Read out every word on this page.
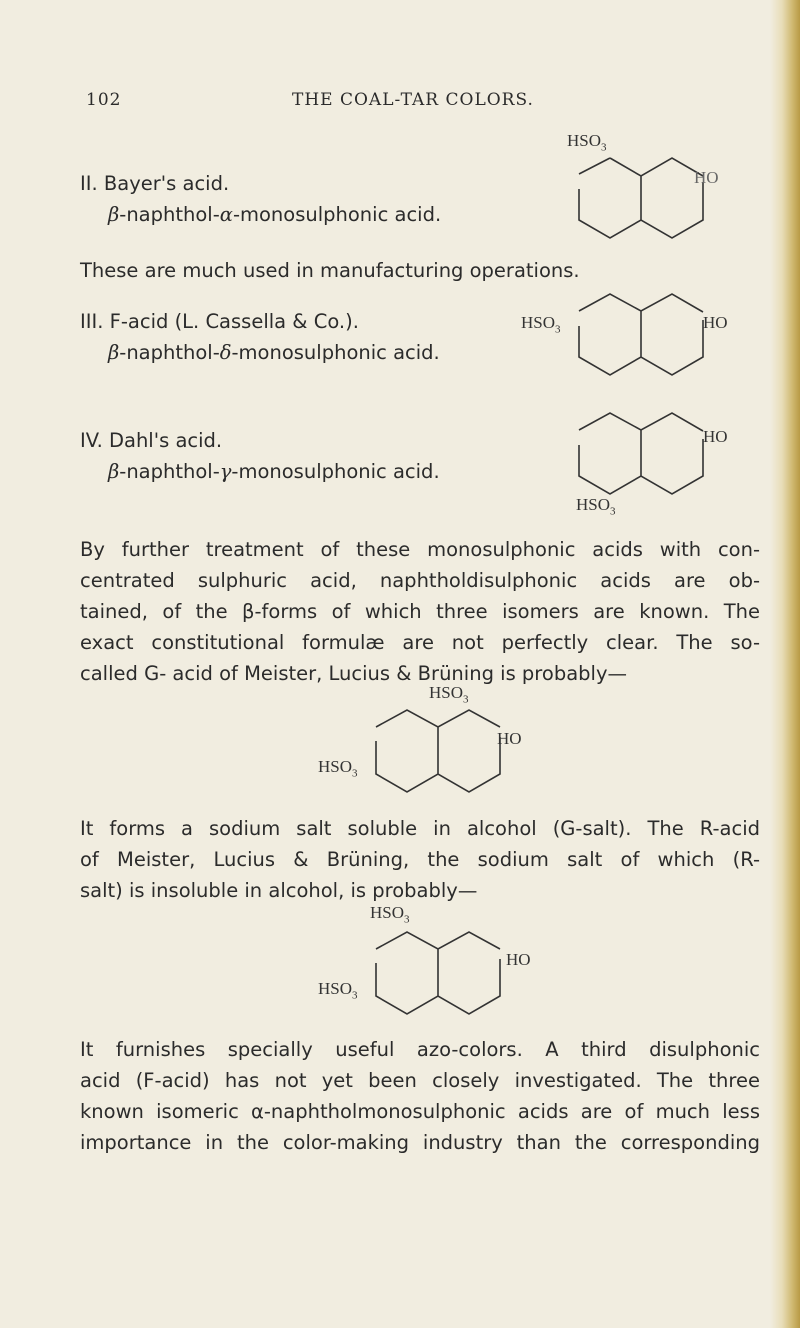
102	THE COAL-TAR COLORS.
II. Bayer's acid.
β-naphthol-α-monosulphonic acid.
$HSO_3$
HO
These are much used in manufacturing operations.
III. F-acid (L. Cassella & Co.).
β-naphthol-δ-monosulphonic acid.
$HSO_3$	HO
IV. Dahl's acid.
β-naphthol-γ-monosulphonic acid.
HO
$HSO_3$
By further treatment of these monosulphonic acids with con-
centrated sulphuric acid, naphtholdisulphonic acids are ob-
tained, of the β-forms of which three isomers are known. The
exact constitutional formulæ are not perfectly clear. The so-
called G- acid of Meister, Lucius & Brüning is probably—
$HSO_3$
HO
$HSO_3$
It forms a sodium salt soluble in alcohol (G-salt). The R-acid
of Meister, Lucius & Brüning, the sodium salt of which (R-
salt) is insoluble in alcohol, is probably—
$HSO_3$
HO
$HSO_3$
It furnishes specially useful azo-colors. A third disulphonic
acid (F-acid) has not yet been closely investigated. The three
known isomeric α-naphtholmonosulphonic acids are of much less
importance in the color-making industry than the corresponding
